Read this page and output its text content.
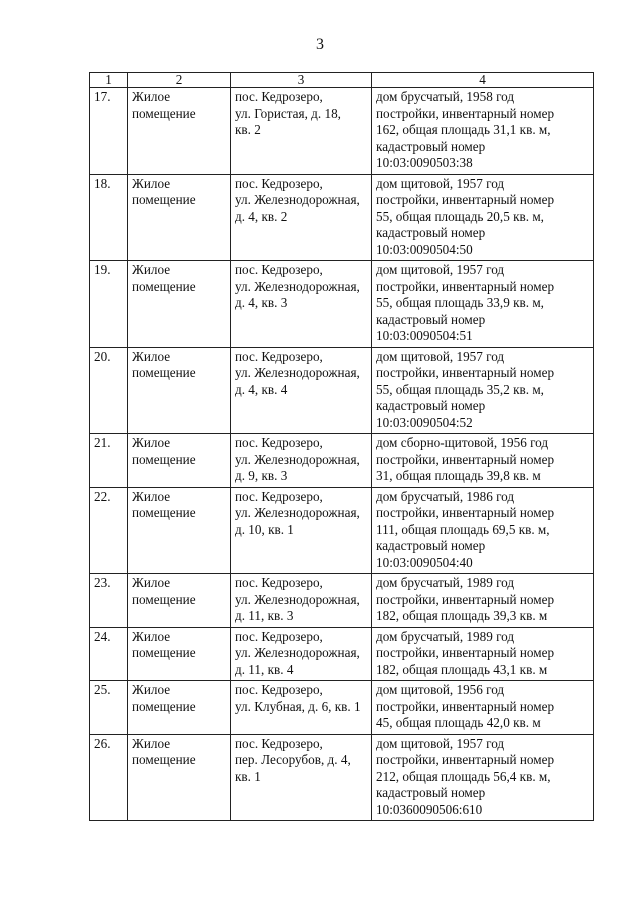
3
1	2	3	4
17.	Жилое
помещение	пос. Кедрозеро,
ул. Гористая, д. 18,
кв. 2	дом брусчатый, 1958 год
постройки, инвентарный номер
162, общая площадь 31,1 кв. м,
кадастровый номер
10:03:0090503:38

18.	Жилое
помещение	пос. Кедрозеро,
ул. Железнодорожная,
д. 4, кв. 2	дом щитовой, 1957 год
постройки, инвентарный номер
55, общая площадь 20,5 кв. м,
кадастровый номер
10:03:0090504:50

19.	Жилое
помещение	пос. Кедрозеро,
ул. Железнодорожная,
д. 4, кв. 3	дом щитовой, 1957 год
постройки, инвентарный номер
55, общая площадь 33,9 кв. м,
кадастровый номер
10:03:0090504:51

20.	Жилое
помещение	пос. Кедрозеро,
ул. Железнодорожная,
д. 4, кв. 4	дом щитовой, 1957 год
постройки, инвентарный номер
55, общая площадь 35,2 кв. м,
кадастровый номер
10:03:0090504:52

21.	Жилое
помещение	пос. Кедрозеро,
ул. Железнодорожная,
д. 9, кв. 3	дом сборно-щитовой, 1956 год
постройки, инвентарный номер
31, общая площадь 39,8 кв. м

22.	Жилое
помещение	пос. Кедрозеро,
ул. Железнодорожная,
д. 10, кв. 1	дом брусчатый, 1986 год
постройки, инвентарный номер
111, общая площадь 69,5 кв. м,
кадастровый номер
10:03:0090504:40

23.	Жилое
помещение	пос. Кедрозеро,
ул. Железнодорожная,
д. 11, кв. 3	дом брусчатый, 1989 год
постройки, инвентарный номер
182, общая площадь 39,3 кв. м

24.	Жилое
помещение	пос. Кедрозеро,
ул. Железнодорожная,
д. 11, кв. 4	дом брусчатый, 1989 год
постройки, инвентарный номер
182, общая площадь 43,1 кв. м

25.	Жилое
помещение	пос. Кедрозеро,
ул. Клубная, д. 6, кв. 1	дом щитовой, 1956 год
постройки, инвентарный номер
45, общая площадь 42,0 кв. м

26.	Жилое
помещение	пос. Кедрозеро,
пер. Лесорубов, д. 4,
кв. 1	дом щитовой, 1957 год
постройки, инвентарный номер
212, общая площадь 56,4 кв. м,
кадастровый номер
10:0360090506:610
